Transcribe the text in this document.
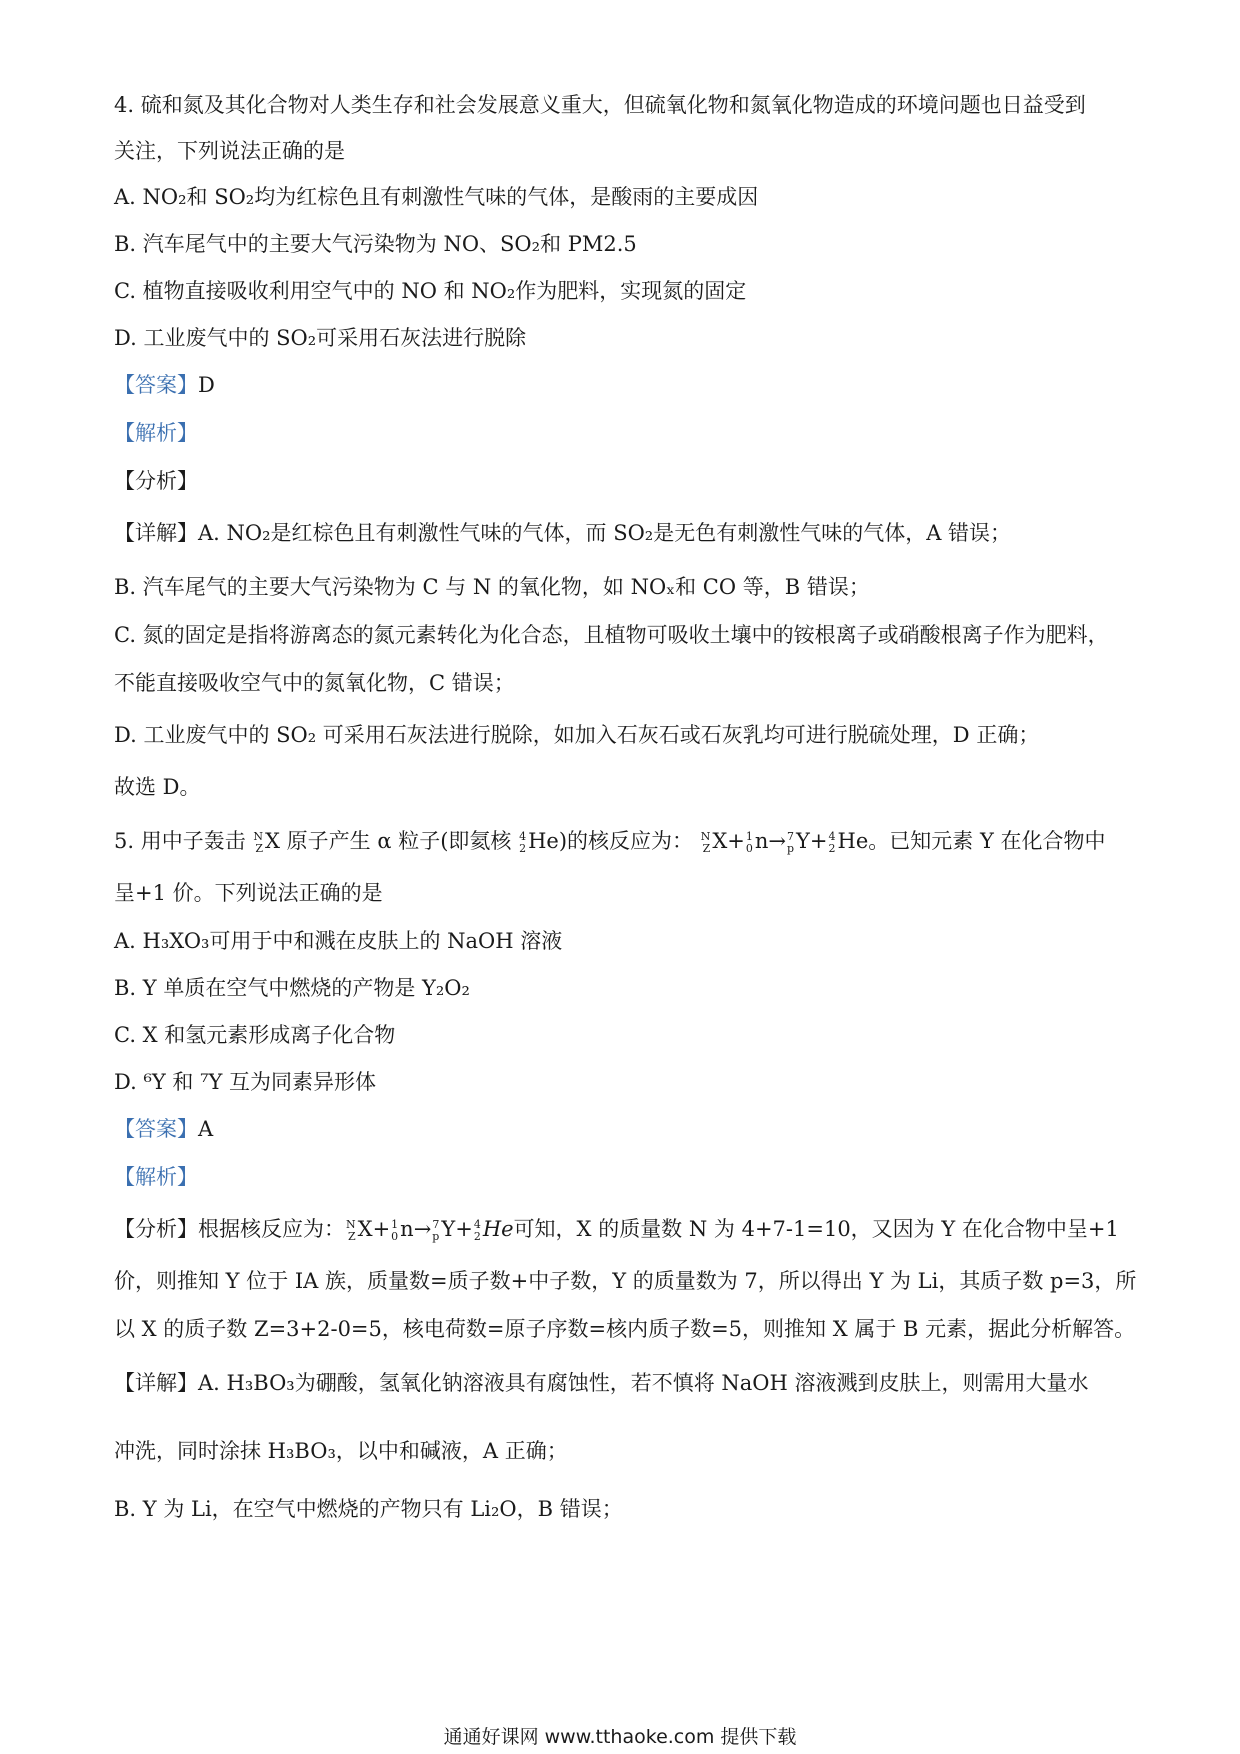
4. 硫和氮及其化合物对人类生存和社会发展意义重大，但硫氧化物和氮氧化物造成的环境问题也日益受到
关注，下列说法正确的是
A. NO₂和 SO₂均为红棕色且有刺激性气味的气体，是酸雨的主要成因
B. 汽车尾气中的主要大气污染物为 NO、SO₂和 PM2.5
C. 植物直接吸收利用空气中的 NO 和 NO₂作为肥料，实现氮的固定
D. 工业废气中的 SO₂可采用石灰法进行脱除
【答案】D
【解析】
【分析】
【详解】A. NO₂是红棕色且有刺激性气味的气体，而 SO₂是无色有刺激性气味的气体，A 错误；
B. 汽车尾气的主要大气污染物为 C 与 N 的氧化物，如 NOₓ和 CO 等，B 错误；
C. 氮的固定是指将游离态的氮元素转化为化合态，且植物可吸收土壤中的铵根离子或硝酸根离子作为肥料，
不能直接吸收空气中的氮氧化物，C 错误；
D. 工业废气中的 SO₂ 可采用石灰法进行脱除，如加入石灰石或石灰乳均可进行脱硫处理，D 正确；
故选 D。
5. 用中子轰击 N
Z X 原子产生 α 粒子(即氦核 4
2 He)的核反应为： N
Z X+ 1
0 n→ 7
p Y+ 4
2 He。已知元素 Y 在化合物中
呈+1 价。下列说法正确的是
A. H₃XO₃可用于中和溅在皮肤上的 NaOH 溶液
B. Y 单质在空气中燃烧的产物是 Y₂O₂
C. X 和氢元素形成离子化合物
D. ⁶Y 和 ⁷Y 互为同素异形体
【答案】A
【解析】
【分析】根据核反应为： N
Z X+ 1
0 n→ 7
p Y+ 4
2 He可知，X 的质量数 N 为 4+7-1=10，又因为 Y 在化合物中呈+1
价，则推知 Y 位于 IA 族，质量数=质子数+中子数，Y 的质量数为 7，所以得出 Y 为 Li，其质子数 p=3，所
以 X 的质子数 Z=3+2-0=5，核电荷数=原子序数=核内质子数=5，则推知 X 属于 B 元素，据此分析解答。
【详解】A. H₃BO₃为硼酸，氢氧化钠溶液具有腐蚀性，若不慎将 NaOH 溶液溅到皮肤上，则需用大量水
冲洗，同时涂抹 H₃BO₃，以中和碱液，A 正确；
B. Y 为 Li，在空气中燃烧的产物只有 Li₂O，B 错误；
通通好课网 www.tthaoke.com 提供下载
